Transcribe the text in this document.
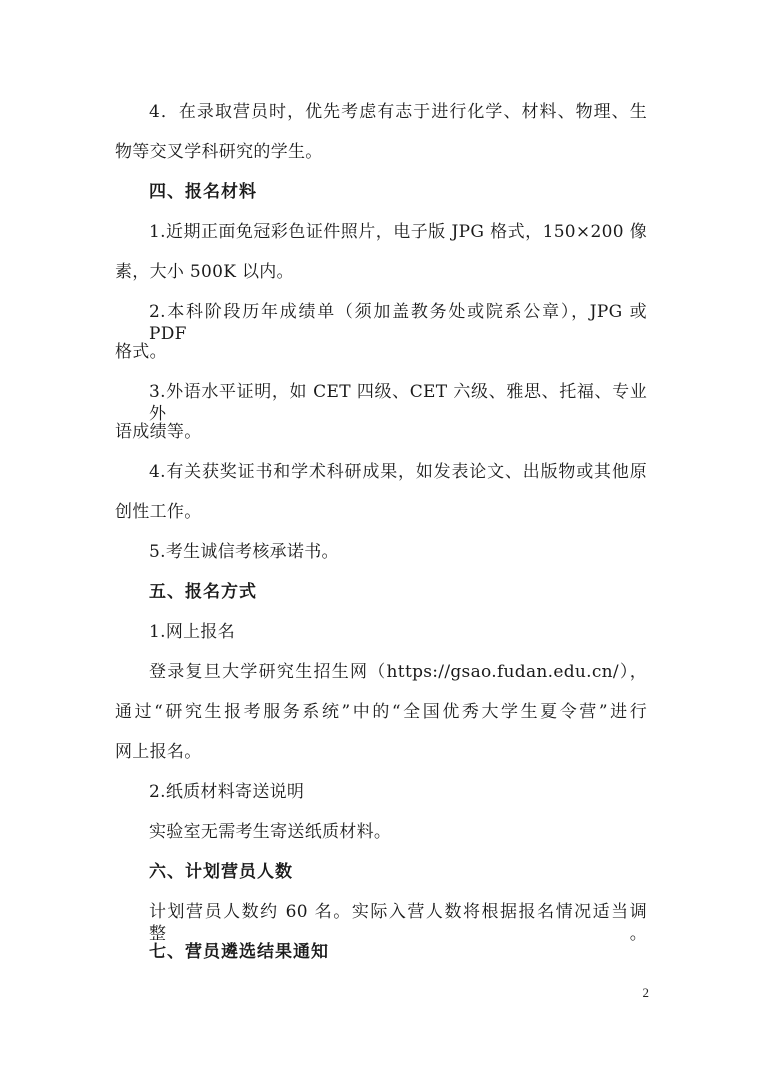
4．在录取营员时，优先考虑有志于进行化学、材料、物理、生
物等交叉学科研究的学生。
四、报名材料
1.近期正面免冠彩色证件照片，电子版 JPG 格式，150×200 像
素，大小 500K 以内。
2.本科阶段历年成绩单（须加盖教务处或院系公章），JPG 或 PDF
格式。
3.外语水平证明，如 CET 四级、CET 六级、雅思、托福、专业外
语成绩等。
4.有关获奖证书和学术科研成果，如发表论文、出版物或其他原
创性工作。
5.考生诚信考核承诺书。
五、报名方式
1.网上报名
登录复旦大学研究生招生网（https://gsao.fudan.edu.cn/），
通过“研究生报考服务系统”中的“全国优秀大学生夏令营”进行
网上报名。
2.纸质材料寄送说明
实验室无需考生寄送纸质材料。
六、计划营员人数
计划营员人数约 60 名。实际入营人数将根据报名情况适当调整。
七、营员遴选结果通知
2
